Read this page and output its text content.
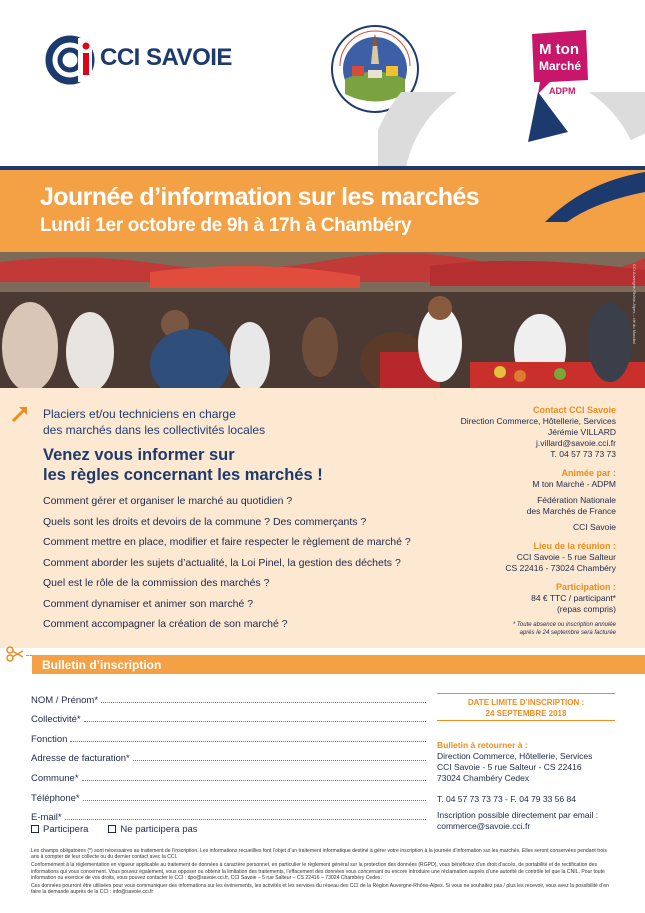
CCI SAVOIE	M ton
Marché
ADPM
Journée d’information sur les marchés
Lundi 1er octobre de 9h à 17h à Chambéry
CCI Auvergne-Rhône-Alpes – clé du Mondial
Placiers et/ou techniciens en charge
des marchés dans les collectivités locales
Venez vous informer sur
les règles concernant les marchés !
Comment gérer et organiser le marché au quotidien ?
Quels sont les droits et devoirs de la commune ? Des commerçants ?
Comment mettre en place, modifier et faire respecter le règlement de marché ?
Comment aborder les sujets d’actualité, la Loi Pinel, la gestion des déchets ?
Quel est le rôle de la commission des marchés ?
Comment dynamiser et animer son marché ?
Comment accompagner la création de son marché ?
Contact CCI Savoie
Direction Commerce, Hôtellerie, Services
Jérémie VILLARD
j.villard@savoie.cci.fr
T. 04 57 73 73 73
Animée par :
M ton Marché - ADPM
Fédération Nationale
des Marchés de France
CCI Savoie
Lieu de la réunion :
CCI Savoie - 5 rue Salteur
CS 22416 - 73024 Chambéry
Participation :
84 € TTC / participant*
(repas compris)
* Toute absence ou inscription annulée
après le 24 septembre sera facturée
Bulletin d’inscription
NOM / Prénom*
Collectivité*
Fonction
Adresse de facturation*
Commune*
Téléphone*
E-mail*
Participera	Ne participera pas
DATE LIMITE D’INSCRIPTION :
24 SEPTEMBRE 2018
Bulletin à retourner à :
Direction Commerce, Hôtellerie, Services
CCI Savoie - 5 rue Salteur - CS 22416
73024 Chambéry Cedex
T. 04 57 73 73 73 - F. 04 79 33 56 84
Inscription possible directement par email :
commerce@savoie.cci.fr

Les champs obligatoires (*) sont nécessaires au traitement de l’inscription. Les informations recueillies font l’objet d’un traitement informatique destiné à gérer votre inscription à la journée d’information sur les marchés. Elles seront conservées pendant trois ans à compter de leur collecte ou du dernier contact avec la CCI.

Conformément à la réglementation en vigueur applicable au traitement de données à caractère personnel, en particulier le règlement général sur la protection des données (RGPD), vous bénéficiez d’un droit d’accès, de portabilité et de rectification des informations qui vous concernent. Vous pouvez également, vous opposer ou obtenir la limitation des traitements, l’effacement des données vous concernant ou encore introduire une réclamation auprès d’une autorité de contrôle tel que la CNIL. Pour toute information ou exercice de vos droits, vous pouvez contacter le CCI : dpo@savoie.cci.fr, CCI Savoie – 5 rue Salteur – CS 22416 – 73024 Chambéry Cedex.

Ces données pourront être utilisées pour vous communiquer des informations sur les événements, les activités et les services du réseau des CCI de la Région Auvergne-Rhône-Alpes. Si vous ne souhaitez pas / plus les recevoir, vous avez la possibilité d’en faire la demande auprès de la CCI : info@savoie.cci.fr
